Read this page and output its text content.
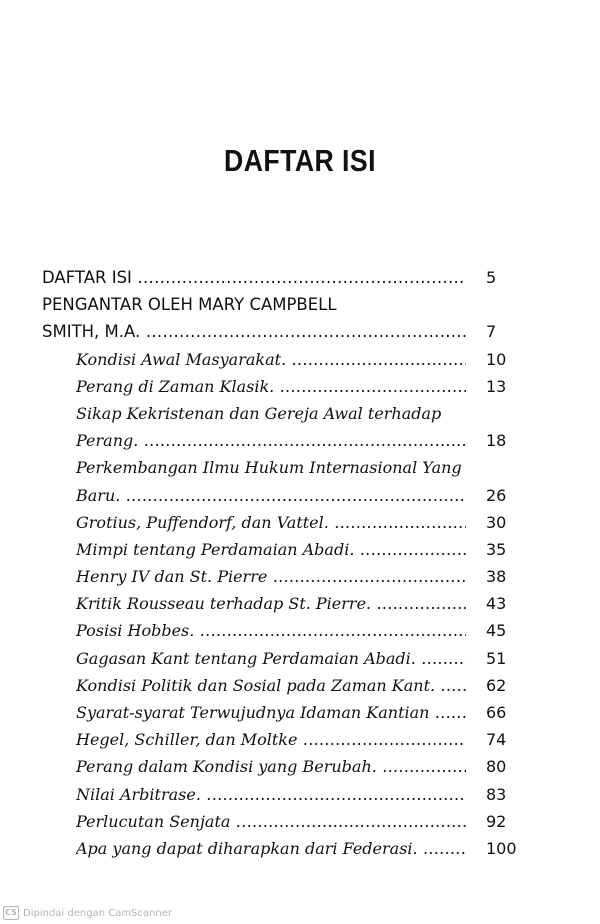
DAFTAR ISI
DAFTAR ISI .....	5
PENGANTAR OLEH MARY CAMPBELL
SMITH, M.A. .....	7
Kondisi Awal Masyarakat. .....	10
Perang di Zaman Klasik. .....	13
Sikap Kekristenan dan Gereja Awal terhadap
Perang. .....	18
Perkembangan Ilmu Hukum Internasional Yang
Baru. .....	26
Grotius, Puffendorf, dan Vattel. .....	30
Mimpi tentang Perdamaian Abadi. .....	35
Henry IV dan St. Pierre .....	38
Kritik Rousseau terhadap St. Pierre. .....	43
Posisi Hobbes. .....	45
Gagasan Kant tentang Perdamaian Abadi. .....	51
Kondisi Politik dan Sosial pada Zaman Kant. .....	62
Syarat-syarat Terwujudnya Idaman Kantian .....	66
Hegel, Schiller, dan Moltke .....	74
Perang dalam Kondisi yang Berubah. .....	80
Nilai Arbitrase. .....	83
Perlucutan Senjata .....	92
Apa yang dapat diharapkan dari Federasi. .....	100
CS Dipindai dengan CamScanner
